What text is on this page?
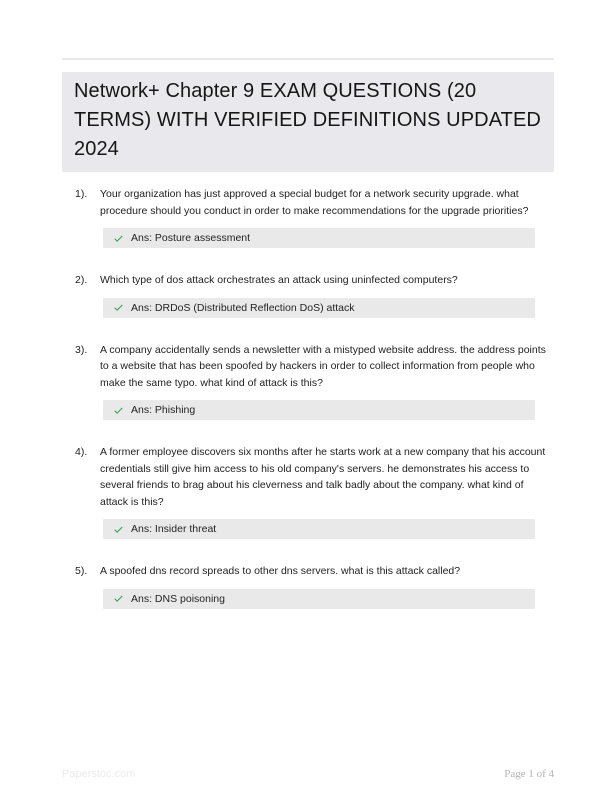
Network+ Chapter 9 EXAM QUESTIONS (20 TERMS) WITH VERIFIED DEFINITIONS UPDATED 2024
1).	Your organization has just approved a special budget for a network security upgrade. what procedure should you conduct in order to make recommendations for the upgrade priorities?

Ans: Posture assessment
2).	Which type of dos attack orchestrates an attack using uninfected computers?

Ans: DRDoS (Distributed Reflection DoS) attack
3).	A company accidentally sends a newsletter with a mistyped website address. the address points to a website that has been spoofed by hackers in order to collect information from people who make the same typo. what kind of attack is this?

Ans: Phishing
4).	A former employee discovers six months after he starts work at a new company that his account credentials still give him access to his old company's servers. he demonstrates his access to several friends to brag about his cleverness and talk badly about the company. what kind of attack is this?

Ans: Insider threat
5).	A spoofed dns record spreads to other dns servers. what is this attack called?

Ans: DNS poisoning
Paperstoc.com	Page 1 of 4
